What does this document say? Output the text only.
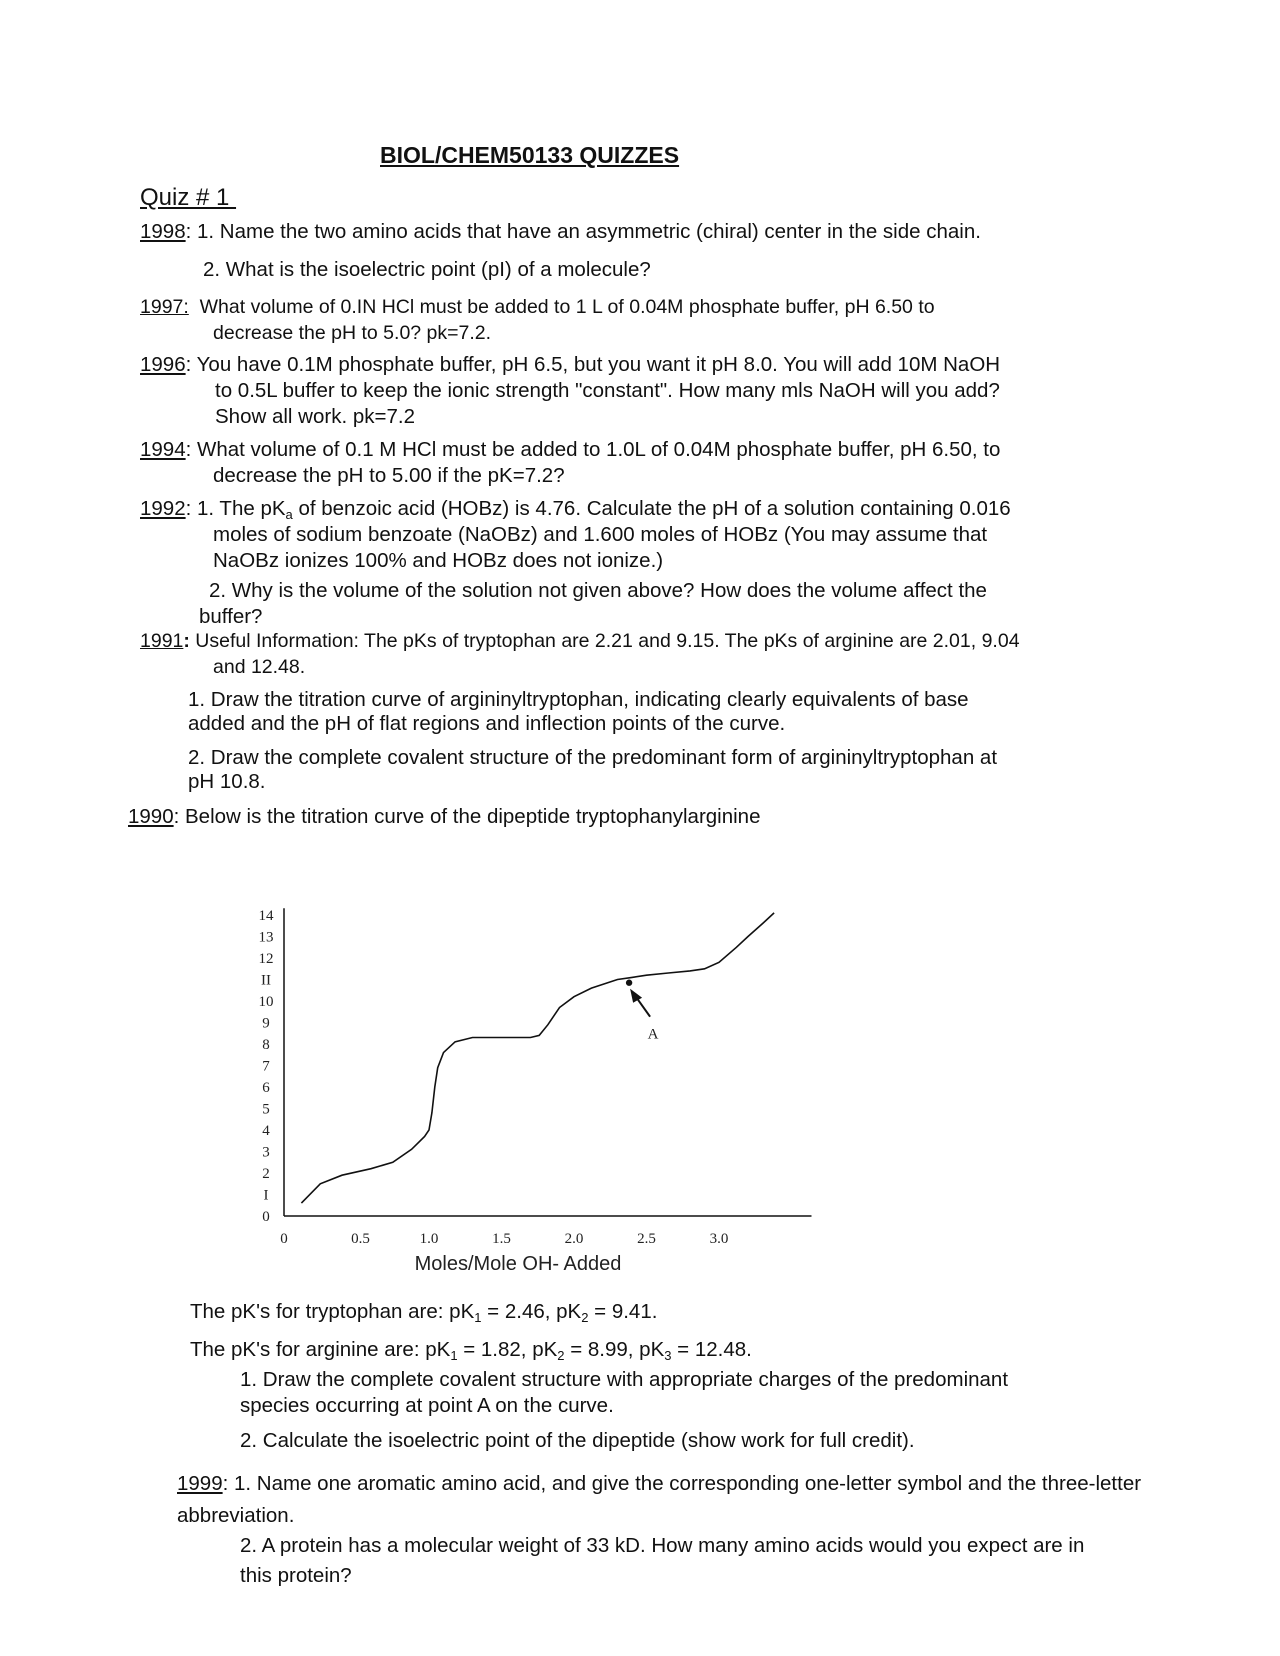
BIOL/CHEM50133 QUIZZES
Quiz # 1
1998: 1. Name the two amino acids that have an asymmetric (chiral) center in the side chain.
2. What is the isoelectric point (pI) of a molecule?
1997:  What volume of 0.IN HCl must be added to 1 L of 0.04M phosphate buffer, pH 6.50 to
decrease the pH to 5.0? pk=7.2.
1996: You have 0.1M phosphate buffer, pH 6.5, but you want it pH 8.0. You will add 10M NaOH
to 0.5L buffer to keep the ionic strength "constant". How many mls NaOH will you add?
Show all work. pk=7.2
1994: What volume of 0.1 M HCl must be added to 1.0L of 0.04M phosphate buffer, pH 6.50, to
decrease the pH to 5.00 if the pK=7.2?
1992: 1. The $pK_a$ of benzoic acid (HOBz) is 4.76. Calculate the pH of a solution containing 0.016
moles of sodium benzoate (NaOBz) and 1.600 moles of HOBz (You may assume that
NaOBz ionizes 100% and HOBz does not ionize.)
2. Why is the volume of the solution not given above? How does the volume affect the
buffer?
1991: Useful Information: The pKs of tryptophan are 2.21 and 9.15. The pKs of arginine are 2.01, 9.04
and 12.48.
1. Draw the titration curve of argininyltryptophan, indicating clearly equivalents of base
added and the pH of flat regions and inflection points of the curve.
2. Draw the complete covalent structure of the predominant form of argininyltryptophan at
pH 10.8.
1990: Below is the titration curve of the dipeptide tryptophanylarginine
0
I
2
3
4
5
6
7
8
9
10
II
12
13
14
0	0.5	1.0	1.5	2.0	2.5	3.0
A
Moles/Mole OH- Added
The pK's for tryptophan are: $pK_1 = 2.46$, $pK_2 = 9.41$.
The pK's for arginine are: $pK_1 = 1.82$, $pK_2 = 8.99$, $pK_3 = 12.48$.
1. Draw the complete covalent structure with appropriate charges of the predominant
species occurring at point A on the curve.
2. Calculate the isoelectric point of the dipeptide (show work for full credit).
1999: 1. Name one aromatic amino acid, and give the corresponding one-letter symbol and the three-letter
abbreviation.
2. A protein has a molecular weight of 33 kD. How many amino acids would you expect are in
this protein?
